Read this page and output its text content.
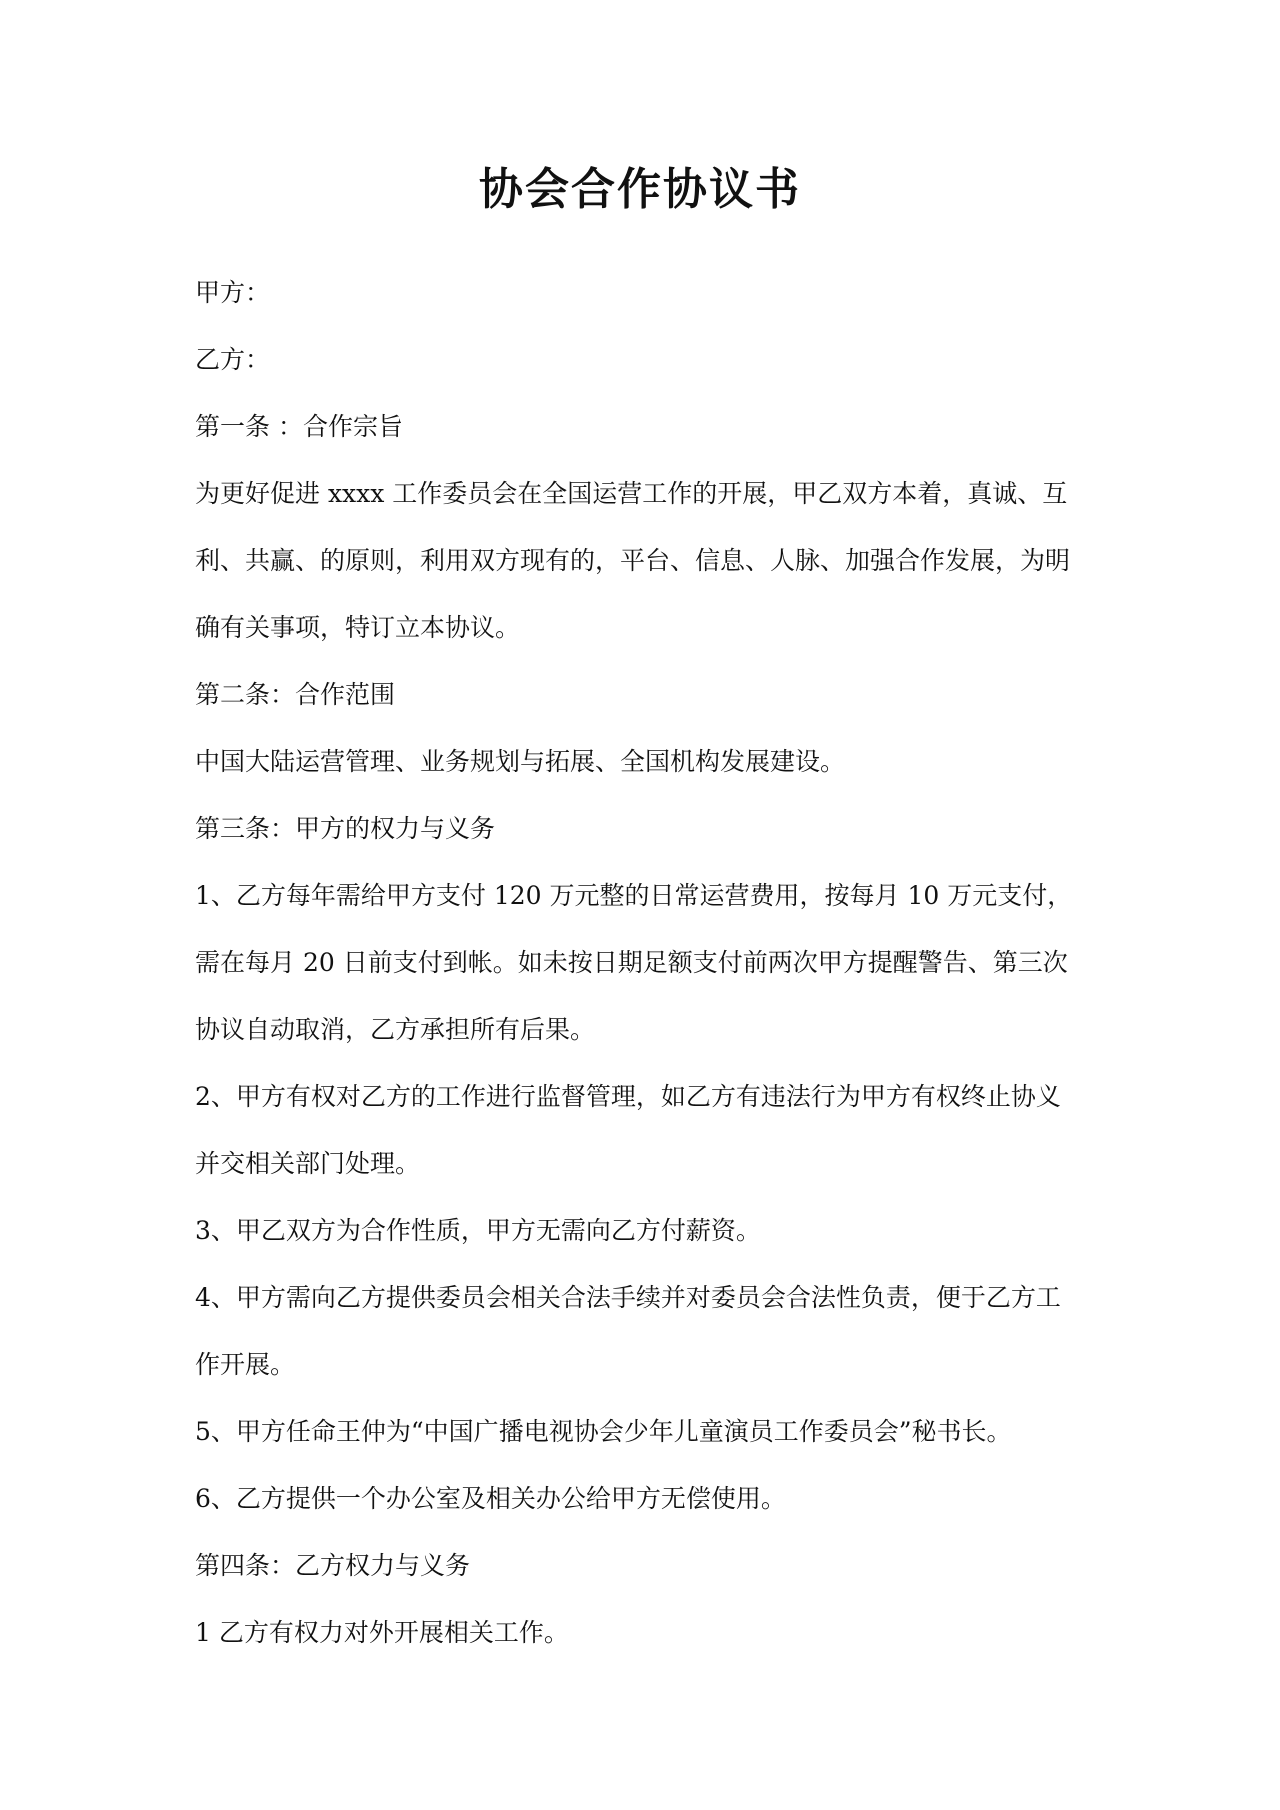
协会合作协议书

甲方：

乙方：

第一条 ：合作宗旨

为更好促进 xxxx 工作委员会在全国运营工作的开展，甲乙双方本着，真诚、互

利、共赢、的原则，利用双方现有的，平台、信息、人脉、加强合作发展，为明

确有关事项，特订立本协议。

第二条：合作范围

中国大陆运营管理、业务规划与拓展、全国机构发展建设。

第三条：甲方的权力与义务

1、乙方每年需给甲方支付 120 万元整的日常运营费用，按每月 10 万元支付，

需在每月 20 日前支付到帐。如未按日期足额支付前两次甲方提醒警告、第三次

协议自动取消，乙方承担所有后果。

2、甲方有权对乙方的工作进行监督管理，如乙方有违法行为甲方有权终止协义

并交相关部门处理。

3、甲乙双方为合作性质，甲方无需向乙方付薪资。

4、甲方需向乙方提供委员会相关合法手续并对委员会合法性负责，便于乙方工

作开展。

5、甲方任命王仲为“中国广播电视协会少年儿童演员工作委员会”秘书长。

6、乙方提供一个办公室及相关办公给甲方无偿使用。

第四条：乙方权力与义务

1 乙方有权力对外开展相关工作。
